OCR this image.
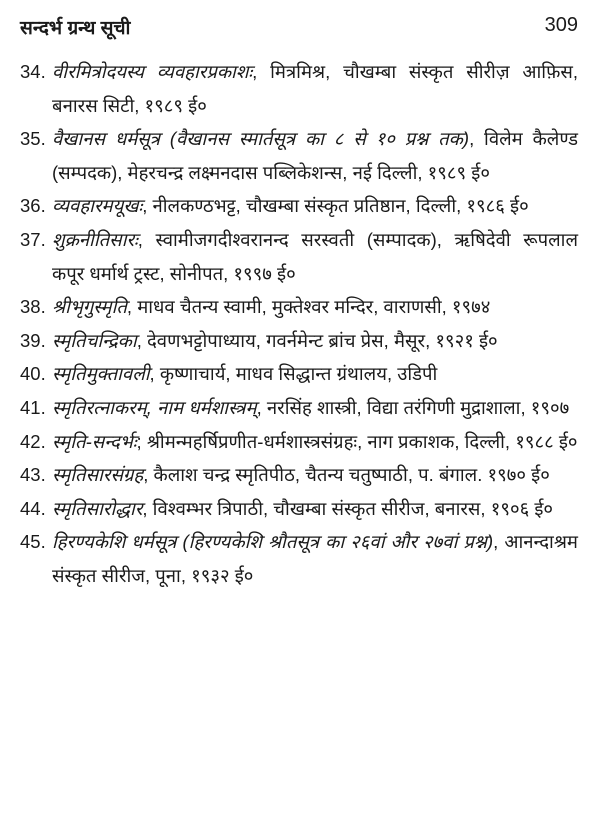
सन्दर्भ ग्रन्थ सूची	309
34. वीरमित्रोदयस्य व्यवहारप्रकाशः, मित्रमिश्र, चौखम्बा संस्कृत सीरीज़ आफ़िस, बनारस सिटी, १९८९ ई०
35. वैखानस धर्मसूत्र (वैखानस स्मार्तसूत्र का ८ से १० प्रश्न तक), विलेम कैलेण्ड (सम्पदक), मेहरचन्द्र लक्ष्मनदास पब्लिकेशन्स, नई दिल्ली, १९८९ ई०
36. व्यवहारमयूखः, नीलकण्ठभट्ट, चौखम्बा संस्कृत प्रतिष्ठान, दिल्ली, १९८६ ई०
37. शुक्रनीतिसारः, स्वामीजगदीश्वरानन्द सरस्वती (सम्पादक), ऋषिदेवी रूपलाल कपूर धर्मार्थ ट्रस्ट, सोनीपत, १९९७ ई०
38. श्रीभृगुस्मृति, माधव चैतन्य स्वामी, मुक्तेश्वर मन्दिर, वाराणसी, १९७४
39. स्मृतिचन्द्रिका, देवणभट्टोपाध्याय, गवर्नमेन्ट ब्रांच प्रेस, मैसूर, १९२१ ई०
40. स्मृतिमुक्तावली, कृष्णाचार्य, माधव सिद्धान्त ग्रंथालय, उडिपी
41. स्मृतिरत्नाकरम्, नाम धर्मशास्त्रम्, नरसिंह शास्त्री, विद्या तरंगिणी मुद्राशाला, १९०७
42. स्मृति-सन्दर्भः; श्रीमन्महर्षिप्रणीत-धर्मशास्त्रसंग्रहः, नाग प्रकाशक, दिल्ली, १९८८ ई०
43. स्मृतिसारसंग्रह, कैलाश चन्द्र स्मृतिपीठ, चैतन्य चतुष्पाठी, प. बंगाल. १९७० ई०
44. स्मृतिसारोद्धार, विश्वम्भर त्रिपाठी, चौखम्बा संस्कृत सीरीज, बनारस, १९०६ ई०
45. हिरण्यकेशि धर्मसूत्र (हिरण्यकेशि श्रौतसूत्र का २६वां और २७वां प्रश्न), आनन्दाश्रम संस्कृत सीरीज, पूना, १९३२ ई०
